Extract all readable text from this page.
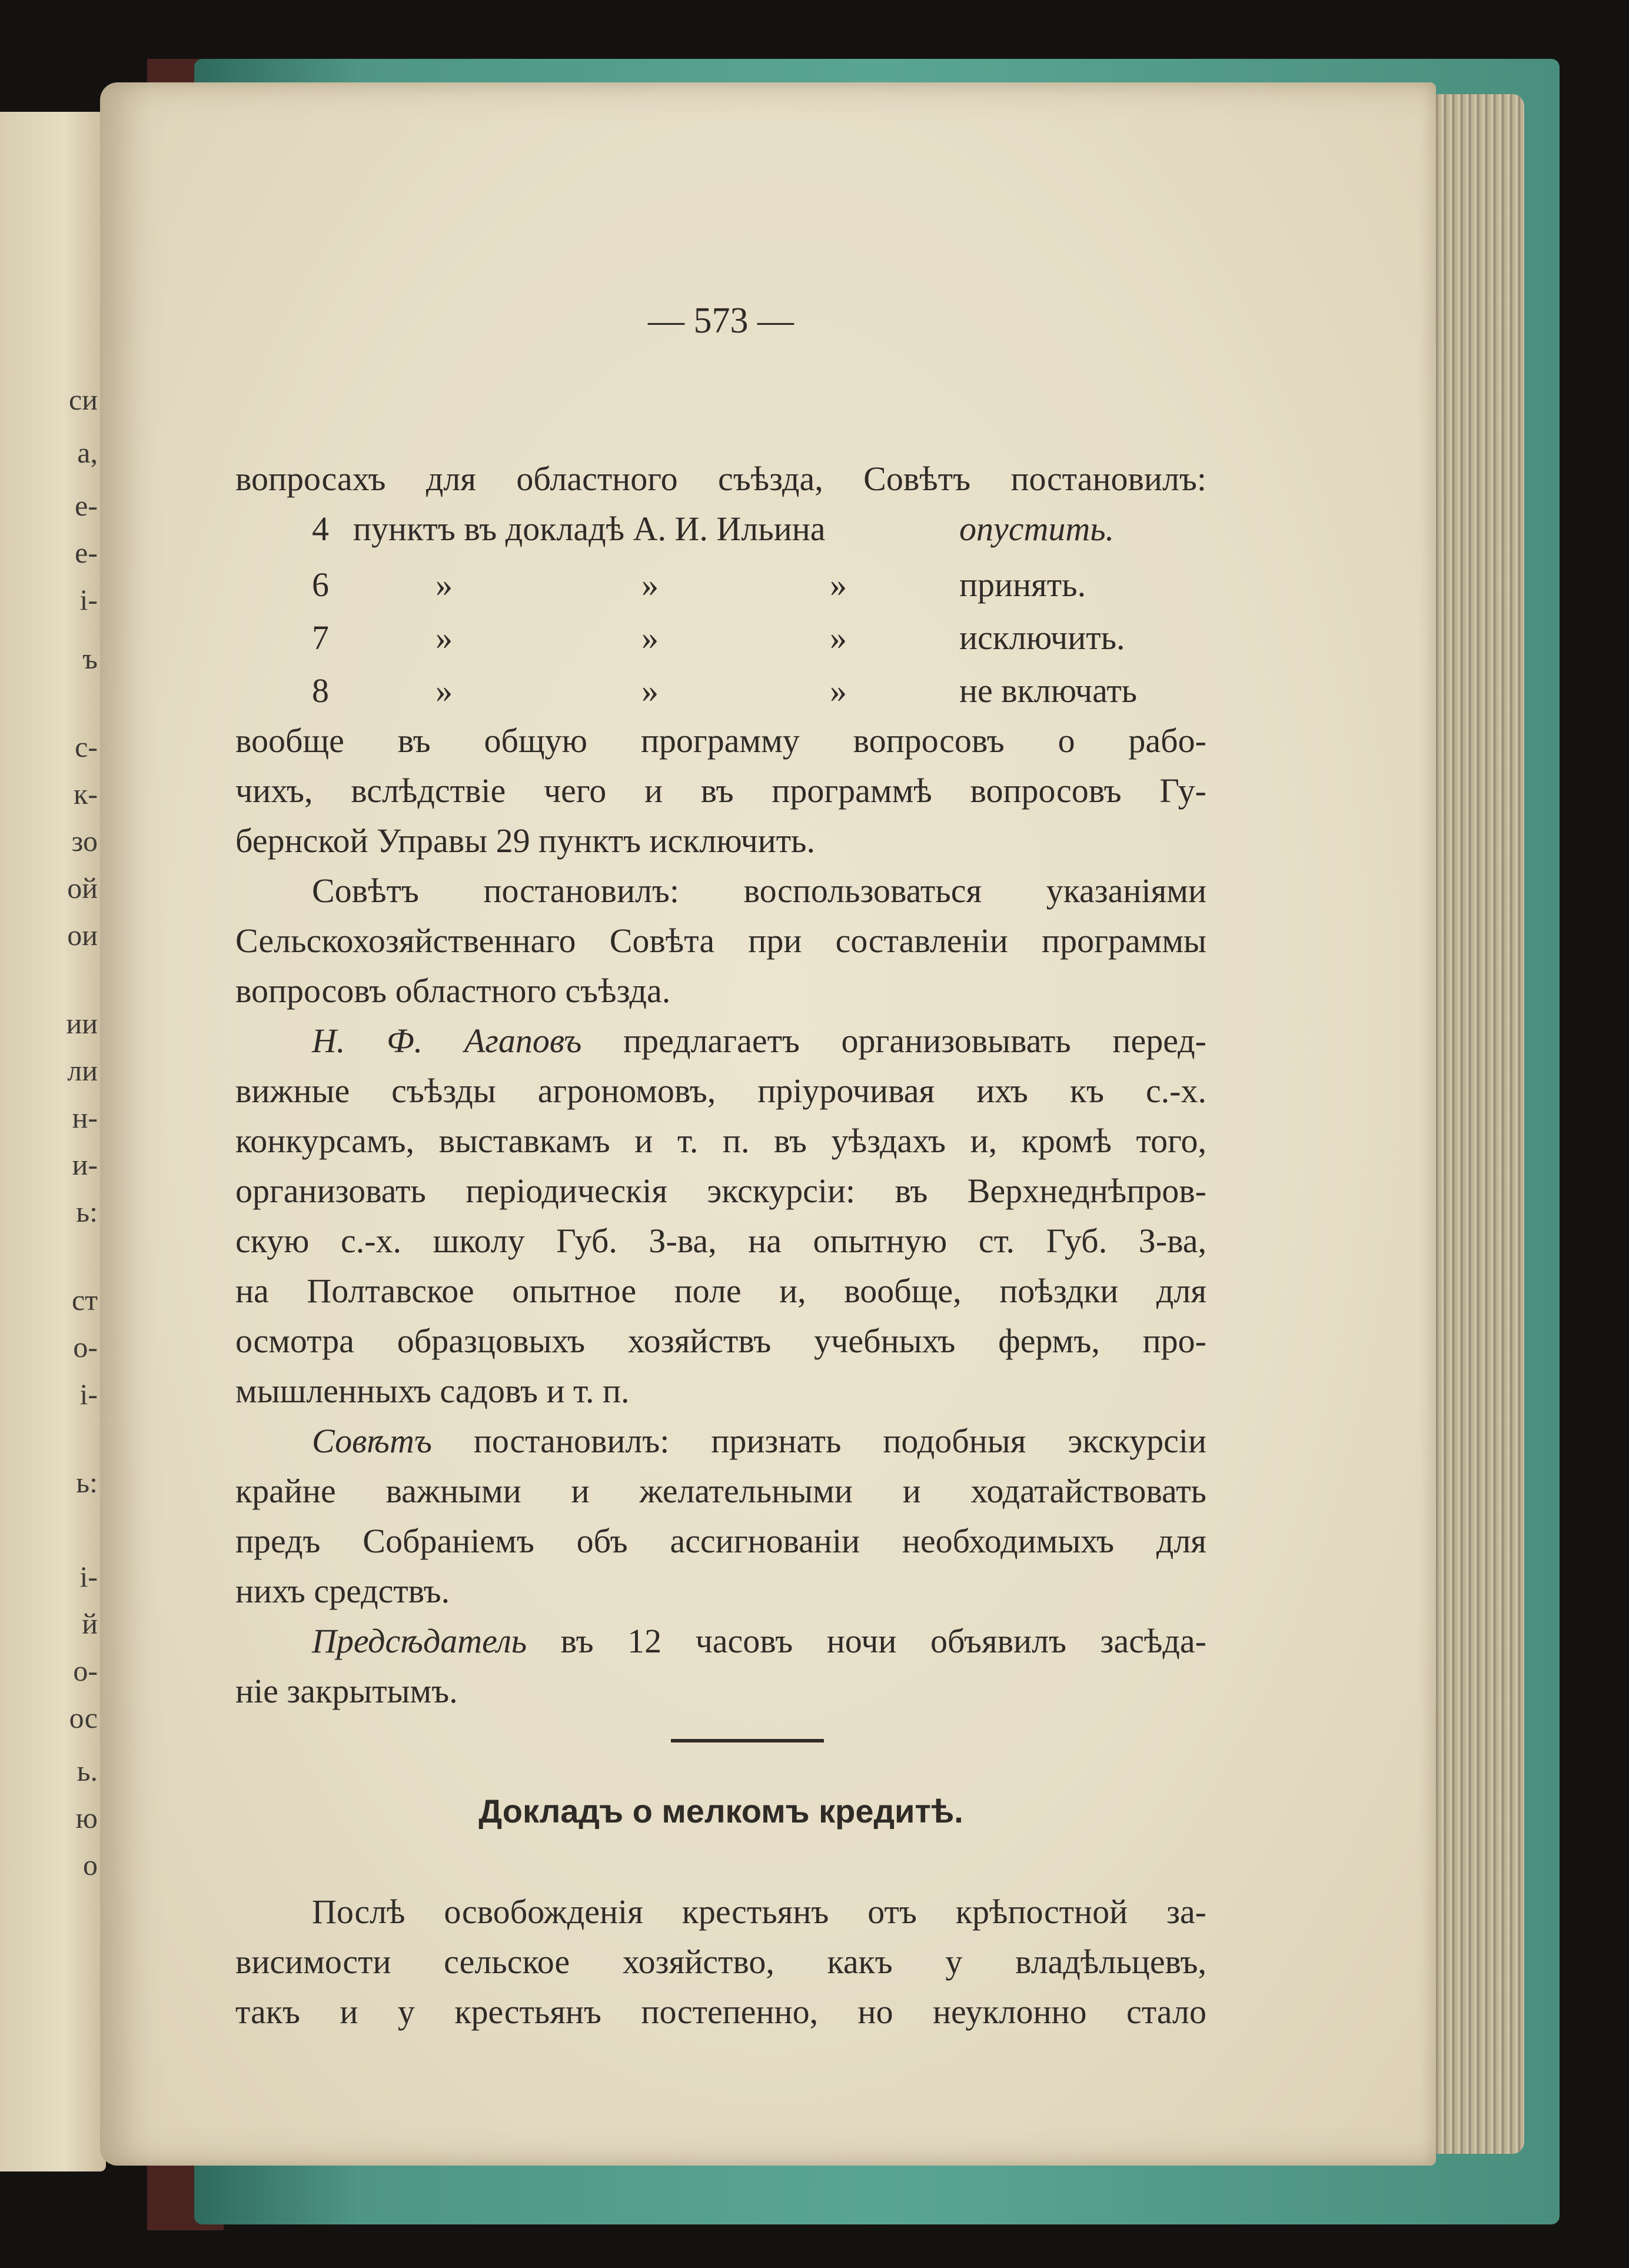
си
а,
е-
е-
і-
ъ
с-
к-
зо
ой
ои
ии
ли
н-
и-
ь:
ст
о-
і-
ь:
і-
й
о-
ос
ь.
ю
о
— 573 —
вопросахъ для областного съѣзда, Совѣтъ постановилъ:
4 пунктъ въ докладѣ А. И. Ильина	опустить.
6	»	»	»	принять.
7	»	»	»	исключить.
8	»	»	»	не включать
вообще въ общую программу вопросовъ о рабо-
чихъ, вслѣдствіе чего и въ программѣ вопросовъ Гу-
бернской Управы 29 пунктъ исключить.
Совѣтъ постановилъ: воспользоваться указаніями
Сельскохозяйственнаго Совѣта при составленіи программы
вопросовъ областного съѣзда.
Н. Ф. Агаповъ предлагаетъ организовывать перед-
вижные съѣзды агрономовъ, пріурочивая ихъ къ с.-х.
конкурсамъ, выставкамъ и т. п. въ уѣздахъ и, кромѣ того,
организовать періодическія экскурсіи: въ Верхнеднѣпров-
скую с.-х. школу Губ. З-ва, на опытную ст. Губ. З-ва,
на Полтавское опытное поле и, вообще, поѣздки для
осмотра образцовыхъ хозяйствъ учебныхъ фермъ, про-
мышленныхъ садовъ и т. п.
Совѣтъ постановилъ: признать подобныя экскурсіи
крайне важными и желательными и ходатайствовать
предъ Собраніемъ объ ассигнованіи необходимыхъ для
нихъ средствъ.
Предсѣдатель въ 12 часовъ ночи объявилъ засѣда-
ніе закрытымъ.
Докладъ о мелкомъ кредитѣ.
Послѣ освобожденія крестьянъ отъ крѣпостной за-
висимости сельское хозяйство, какъ у владѣльцевъ,
такъ и у крестьянъ постепенно, но неуклонно стало
